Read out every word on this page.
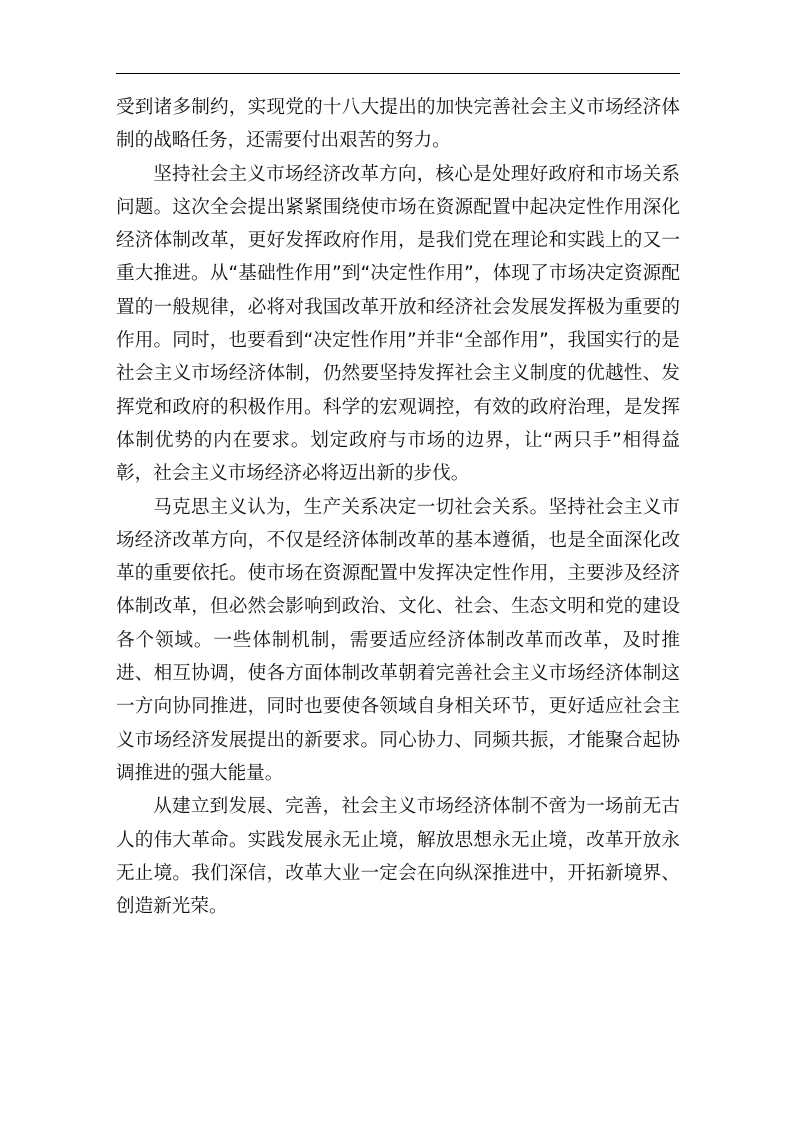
受到诸多制约，实现党的十八大提出的加快完善社会主义市场经济体制的战略任务，还需要付出艰苦的努力。

坚持社会主义市场经济改革方向，核心是处理好政府和市场关系问题。这次全会提出紧紧围绕使市场在资源配置中起决定性作用深化经济体制改革，更好发挥政府作用，是我们党在理论和实践上的又一重大推进。从“基础性作用”到“决定性作用”，体现了市场决定资源配置的一般规律，必将对我国改革开放和经济社会发展发挥极为重要的作用。同时，也要看到“决定性作用”并非“全部作用”，我国实行的是社会主义市场经济体制，仍然要坚持发挥社会主义制度的优越性、发挥党和政府的积极作用。科学的宏观调控，有效的政府治理，是发挥体制优势的内在要求。划定政府与市场的边界，让“两只手”相得益彰，社会主义市场经济必将迈出新的步伐。

马克思主义认为，生产关系决定一切社会关系。坚持社会主义市场经济改革方向，不仅是经济体制改革的基本遵循，也是全面深化改革的重要依托。使市场在资源配置中发挥决定性作用，主要涉及经济体制改革，但必然会影响到政治、文化、社会、生态文明和党的建设各个领域。一些体制机制，需要适应经济体制改革而改革，及时推进、相互协调，使各方面体制改革朝着完善社会主义市场经济体制这一方向协同推进，同时也要使各领域自身相关环节，更好适应社会主义市场经济发展提出的新要求。同心协力、同频共振，才能聚合起协调推进的强大能量。

从建立到发展、完善，社会主义市场经济体制不啻为一场前无古人的伟大革命。实践发展永无止境，解放思想永无止境，改革开放永无止境。我们深信，改革大业一定会在向纵深推进中，开拓新境界、创造新光荣。
